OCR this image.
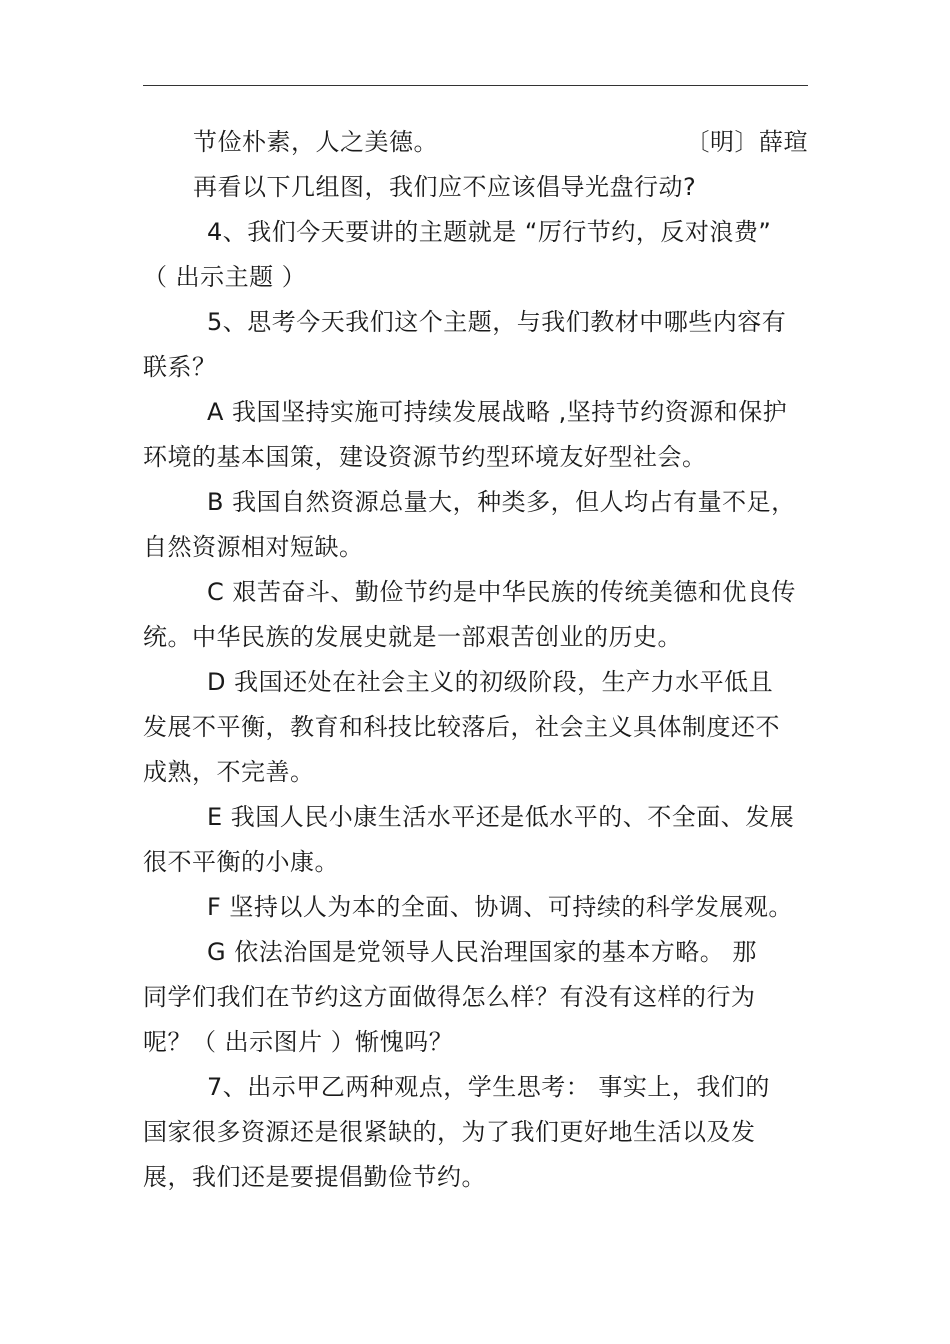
节俭朴素，人之美德。	〔明〕薛瑄
再看以下几组图，我们应不应该倡导光盘行动?
4、我们今天要讲的主题就是 “厉行节约，反对浪费”
（ 出示主题 ）
5、思考今天我们这个主题，与我们教材中哪些内容有
联系？
A 我国坚持实施可持续发展战略 ,坚持节约资源和保护
环境的基本国策，建设资源节约型环境友好型社会。
B 我国自然资源总量大，种类多，但人均占有量不足，
自然资源相对短缺。
C 艰苦奋斗、勤俭节约是中华民族的传统美德和优良传
统。中华民族的发展史就是一部艰苦创业的历史。
D 我国还处在社会主义的初级阶段，生产力水平低且
发展不平衡，教育和科技比较落后，社会主义具体制度还不
成熟，不完善。
E 我国人民小康生活水平还是低水平的、不全面、发展
很不平衡的小康。
F 坚持以人为本的全面、协调、可持续的科学发展观。
G 依法治国是党领导人民治理国家的基本方略。 那
同学们我们在节约这方面做得怎么样？有没有这样的行为
呢？（ 出示图片 ）惭愧吗？
7、出示甲乙两种观点，学生思考： 事实上，我们的
国家很多资源还是很紧缺的，为了我们更好地生活以及发
展，我们还是要提倡勤俭节约。
